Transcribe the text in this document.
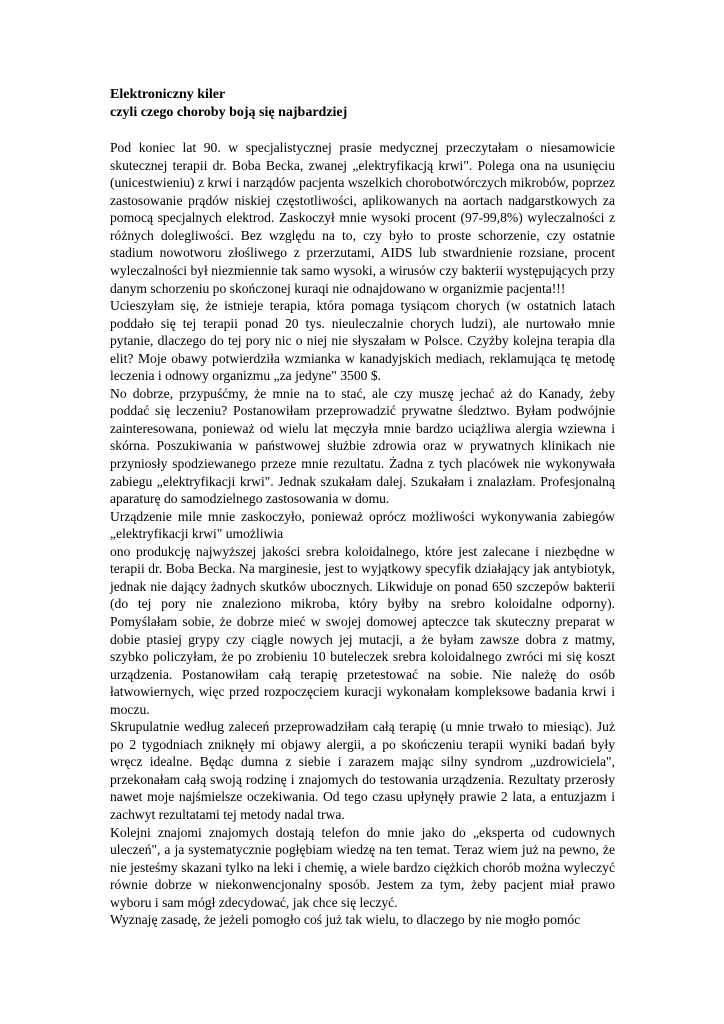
Elektroniczny kiler

czyli czego choroby boją się najbardziej

Pod koniec lat 90. w specjalistycznej prasie medycznej przeczytałam o niesamowicie skutecznej terapii dr. Boba Becka, zwanej „elektryfikacją krwi". Polega ona na usunięciu (unicestwieniu) z krwi i narządów pacjenta wszelkich chorobotwórczych mikrobów, poprzez zastosowanie prądów niskiej częstotliwości, aplikowanych na aortach nadgarstkowych za pomocą specjalnych elektrod. Zaskoczył mnie wysoki procent (97-99,8%) wyleczalności z różnych dolegliwości. Bez względu na to, czy było to proste schorzenie, czy ostatnie stadium nowotworu złośliwego z przerzutami, AIDS lub stwardnienie rozsiane, procent wyleczalności był niezmiennie tak samo wysoki, a wirusów czy bakterii występujących przy danym schorzeniu po skończonej kuraqi nie odnajdowano w organizmie pacjenta!!!

Ucieszyłam się, że istnieje terapia, która pomaga tysiącom chorych (w ostatnich latach poddało się tej terapii ponad 20 tys. nieuleczalnie chorych ludzi), ale nurtowało mnie pytanie, dlaczego do tej pory nic o niej nie słyszałam w Polsce. Czyżby kolejna terapia dla elit? Moje obawy potwierdziła wzmianka w kanadyjskich mediach, reklamująca tę metodę leczenia i odnowy organizmu „za jedyne" 3500 $.

No dobrze, przypuśćmy, że mnie na to stać, ale czy muszę jechać aż do Kanady, żeby poddać się leczeniu? Postanowiłam przeprowadzić prywatne śledztwo. Byłam podwójnie zainteresowana, ponieważ od wielu lat męczyła mnie bardzo uciążliwa alergia wziewna i skórna. Poszukiwania w państwowej służbie zdrowia oraz w prywatnych klinikach nie przyniosły spodziewanego przeze mnie rezultatu. Żadna z tych placówek nie wykonywała zabiegu „elektryfikacji krwi". Jednak szukałam dalej. Szukałam i znalazłam. Profesjonalną aparaturę do samodzielnego zastosowania w domu.

Urządzenie mile mnie zaskoczyło, ponieważ oprócz możliwości wykonywania zabiegów „elektryfikacji krwi" umożliwia

ono produkcję najwyższej jakości srebra koloidalnego, które jest zalecane i niezbędne w terapii dr. Boba Becka. Na marginesie, jest to wyjątkowy specyfik działający jak antybiotyk, jednak nie dający żadnych skutków ubocznych. Likwiduje on ponad 650 szczepów bakterii (do tej pory nie znaleziono mikroba, który byłby na srebro koloidalne odporny). Pomyślałam sobie, że dobrze mieć w swojej domowej apteczce tak skuteczny preparat w dobie ptasiej grypy czy ciągle nowych jej mutacji, a że byłam zawsze dobra z matmy, szybko policzyłam, że po zrobieniu 10 buteleczek srebra koloidalnego zwróci mi się koszt urządzenia. Postanowiłam całą terapię przetestować na sobie. Nie należę do osób łatwowiernych, więc przed rozpoczęciem kuracji wykonałam kompleksowe badania krwi i moczu.

Skrupulatnie według zaleceń przeprowadziłam całą terapię (u mnie trwało to miesiąc). Już po 2 tygodniach zniknęły mi objawy alergii, a po skończeniu terapii wyniki badań były wręcz idealne. Będąc dumna z siebie i zarazem mając silny syndrom „uzdrowiciela", przekonałam całą swoją rodzinę i znajomych do testowania urządzenia. Rezultaty przerosły nawet moje najśmielsze oczekiwania. Od tego czasu upłynęły prawie 2 lata, a entuzjazm i zachwyt rezultatami tej metody nadal trwa.

Kolejni znajomi znajomych dostają telefon do mnie jako do „eksperta od cudownych uleczeń", a ja systematycznie pogłębiam wiedzę na ten temat. Teraz wiem już na pewno, że nie jesteśmy skazani tylko na leki i chemię, a wiele bardzo ciężkich chorób można wyleczyć równie dobrze w niekonwencjonalny sposób. Jestem za tym, żeby pacjent miał prawo wyboru i sam mógł zdecydować, jak chce się leczyć.

Wyznaję zasadę, że jeżeli pomogło coś już tak wielu, to dlaczego by nie mogło pomóc
